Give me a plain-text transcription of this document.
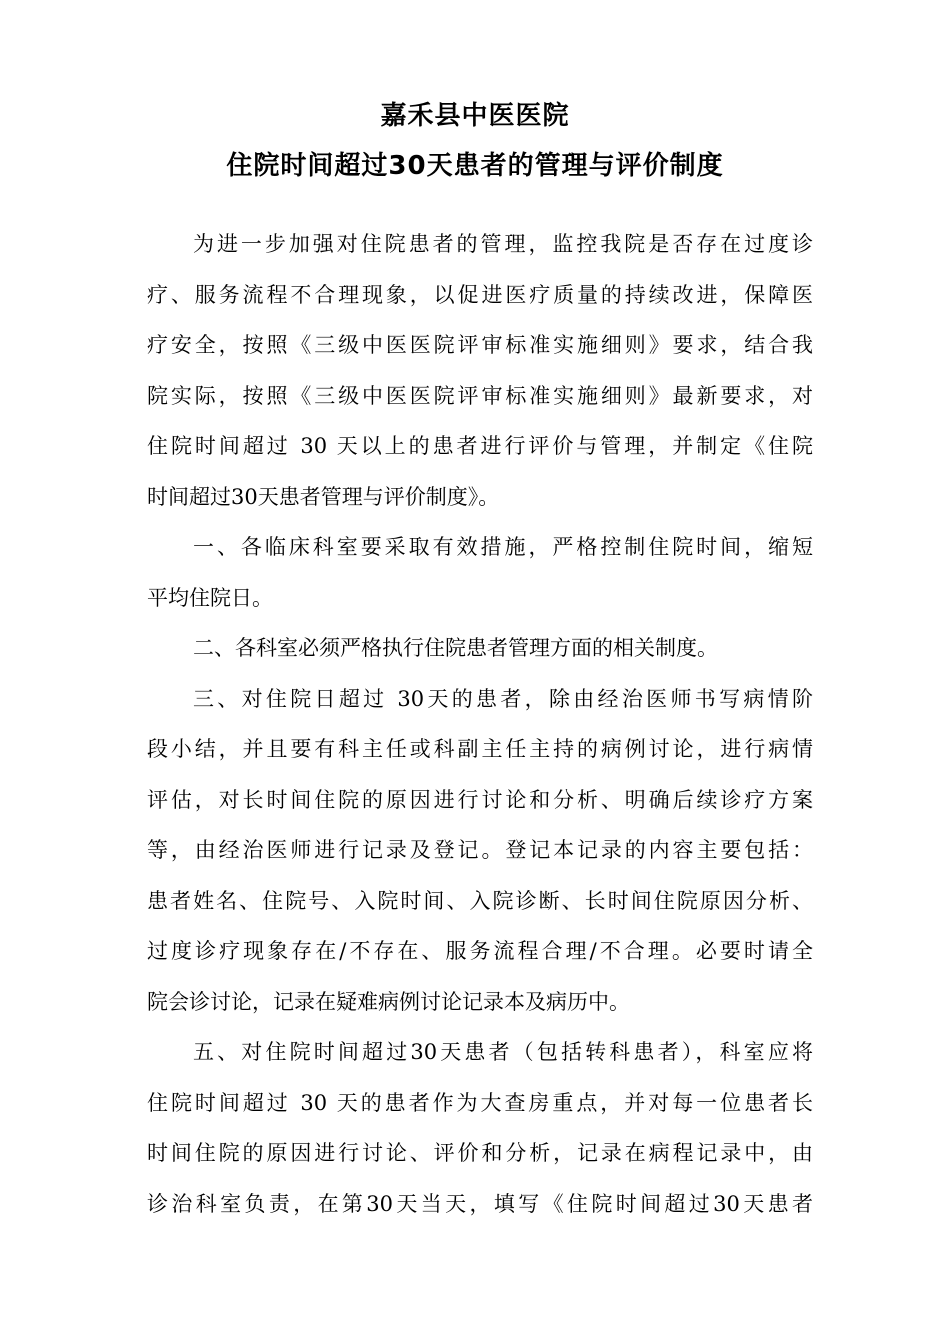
嘉禾县中医医院
住院时间超过30天患者的管理与评价制度
为进一步加强对住院患者的管理，监控我院是否存在过度诊
疗、服务流程不合理现象，以促进医疗质量的持续改进，保障医
疗安全，按照《三级中医医院评审标准实施细则》要求，结合我
院实际，按照《三级中医医院评审标准实施细则》最新要求，对
住院时间超过 30 天以上的患者进行评价与管理，并制定《住院
时间超过30天患者管理与评价制度》。
一、各临床科室要采取有效措施，严格控制住院时间，缩短
平均住院日。
二、各科室必须严格执行住院患者管理方面的相关制度。
三、对住院日超过 30天的患者，除由经治医师书写病情阶
段小结，并且要有科主任或科副主任主持的病例讨论，进行病情
评估，对长时间住院的原因进行讨论和分析、明确后续诊疗方案
等，由经治医师进行记录及登记。登记本记录的内容主要包括：
患者姓名、住院号、入院时间、入院诊断、长时间住院原因分析、
过度诊疗现象存在/不存在、服务流程合理/不合理。必要时请全
院会诊讨论，记录在疑难病例讨论记录本及病历中。
五、对住院时间超过30天患者（包括转科患者），科室应将
住院时间超过 30 天的患者作为大查房重点，并对每一位患者长
时间住院的原因进行讨论、评价和分析，记录在病程记录中，由
诊治科室负责，在第30天当天，填写《住院时间超过30天患者
